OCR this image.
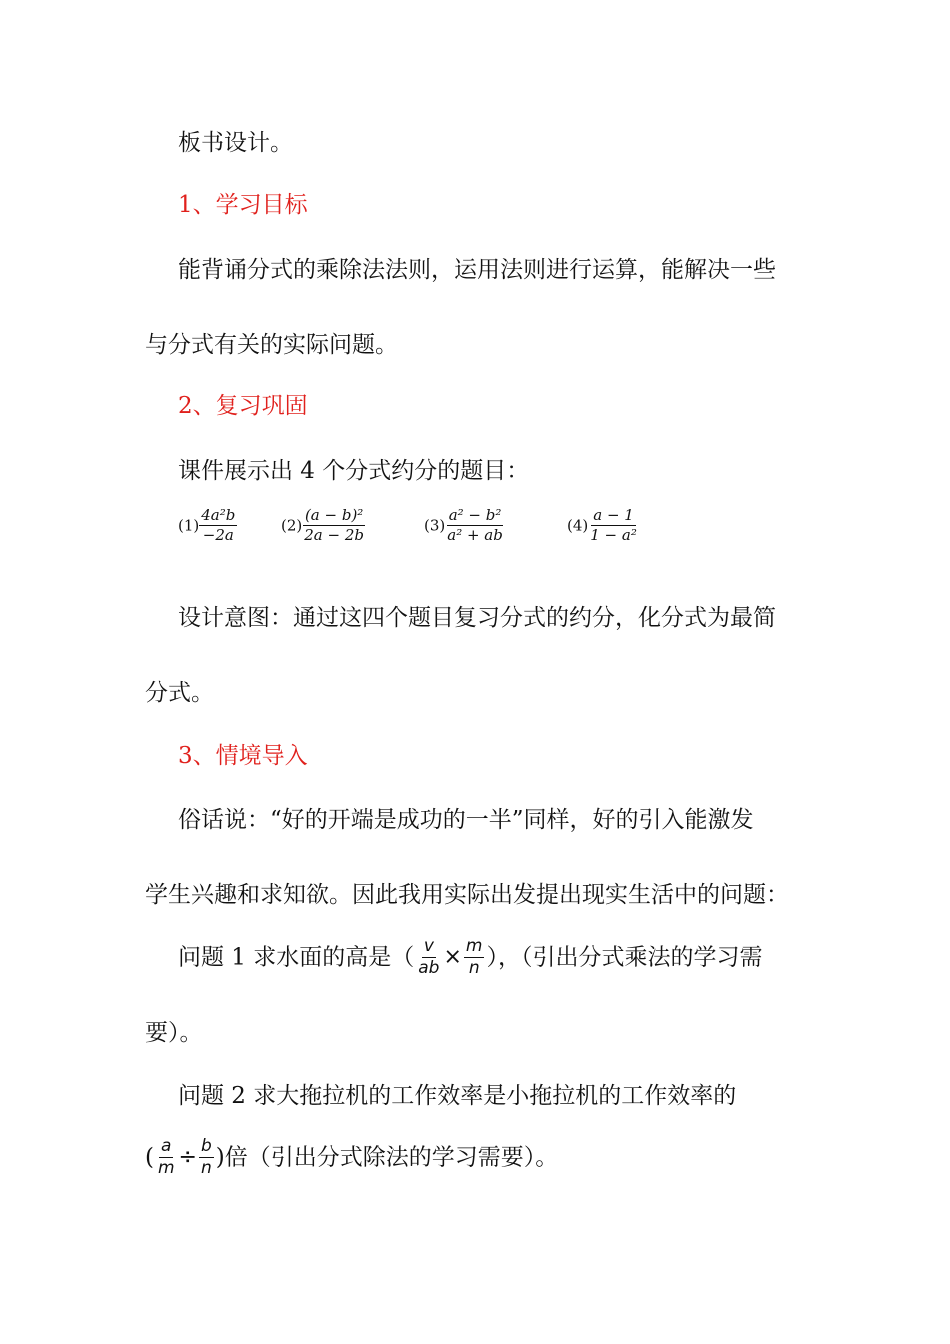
板书设计。
1、学习目标
能背诵分式的乘除法法则，运用法则进行运算，能解决一些
与分式有关的实际问题。
2、复习巩固
课件展示出 4 个分式约分的题目：
$(1) \frac{\text{4a²b}}{-2a}$	$(2) \frac{\text{(a − b)²}}{2a - 2b}$	$(3) \frac{\text{a² − b²}}{\text{a² + ab}}$	$(4) \frac{a - 1}{\text{1 − a²}}$
设计意图：通过这四个题目复习分式的约分，化分式为最简
分式。
3、情境导入
俗话说：“好的开端是成功的一半”同样，好的引入能激发
学生兴趣和求知欲。因此我用实际出发提出现实生活中的问题：
问题 1 求水面的高是（ $\frac{v}{ab} \times \frac{m}{n}$ ），（引出分式乘法的学习需
要）。
问题 2 求大拖拉机的工作效率是小拖拉机的工作效率的
( $\frac{a}{m} \div \frac{b}{n}$ )倍（引出分式除法的学习需要）。
